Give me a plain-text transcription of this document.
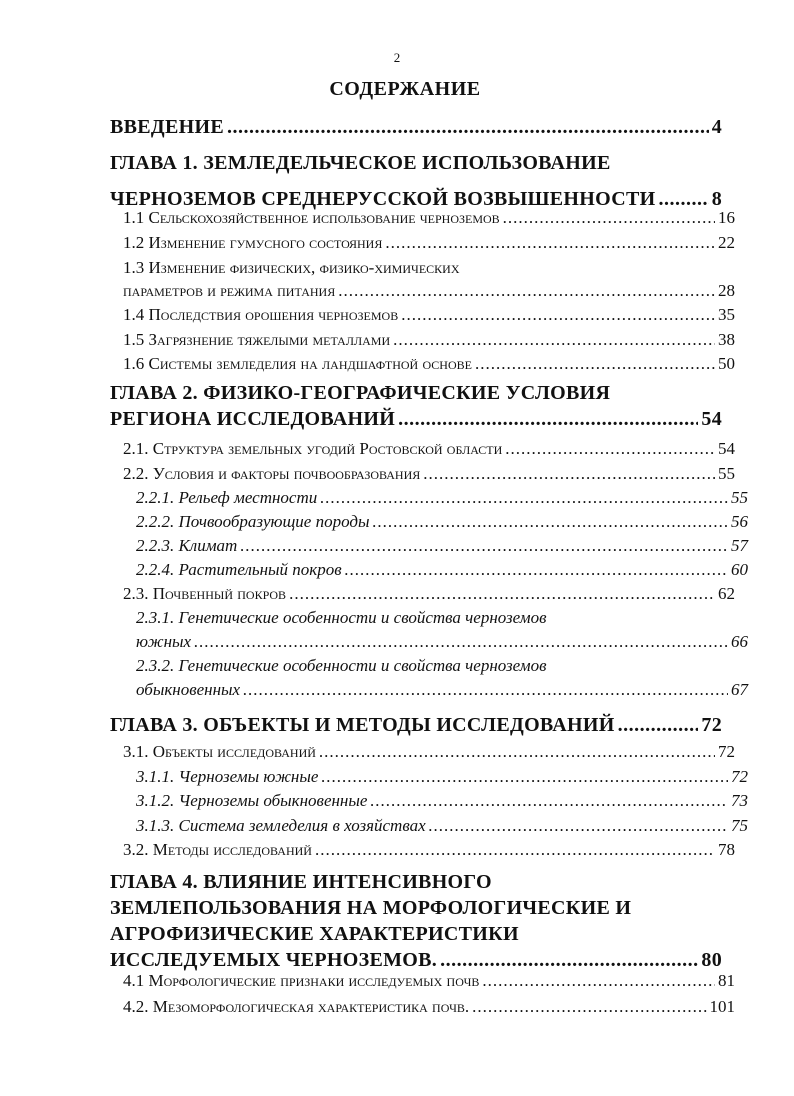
2
СОДЕРЖАНИЕ
ВВЕДЕНИЕ .....	4
ГЛАВА 1. ЗЕМЛЕДЕЛЬЧЕСКОЕ ИСПОЛЬЗОВАНИЕ
ЧЕРНОЗЕМОВ СРЕДНЕРУССКОЙ ВОЗВЫШЕННОСТИ .....	8
1.1 Сельскохозяйственное использование черноземов .....	16
1.2 Изменение гумусного состояния .....	22
1.3 Изменение физических, физико-химических
параметров и режима питания .....	28
1.4 Последствия орошения черноземов .....	35
1.5 Загрязнение тяжелыми металлами .....	38
1.6 Системы земледелия на ландшафтной основе .....	50
ГЛАВА 2. ФИЗИКО-ГЕОГРАФИЧЕСКИЕ УСЛОВИЯ
РЕГИОНА ИССЛЕДОВАНИЙ .....	54
2.1. Структура земельных угодий Ростовской области .....	54
2.2. Условия и факторы почвообразования .....	55
2.2.1. Рельеф местности .....	55
2.2.2. Почвообразующие породы .....	56
2.2.3. Климат .....	57
2.2.4. Растительный покров .....	60
2.3. Почвенный покров .....	62
2.3.1. Генетические особенности и свойства черноземов
южных .....	66
2.3.2. Генетические особенности и свойства черноземов
обыкновенных .....	67
ГЛАВА 3. ОБЪЕКТЫ И МЕТОДЫ ИССЛЕДОВАНИЙ .....	72
3.1. Объекты исследований .....	72
3.1.1. Черноземы южные .....	72
3.1.2. Черноземы обыкновенные .....	73
3.1.3. Система земледелия в хозяйствах .....	75
3.2. Методы исследований .....	78
ГЛАВА 4. ВЛИЯНИЕ ИНТЕНСИВНОГО
ЗЕМЛЕПОЛЬЗОВАНИЯ НА МОРФОЛОГИЧЕСКИЕ И
АГРОФИЗИЧЕСКИЕ ХАРАКТЕРИСТИКИ
ИССЛЕДУЕМЫХ ЧЕРНОЗЕМОВ. .....	80
4.1 Морфологические признаки исследуемых почв .....	81
4.2. Мезоморфологическая характеристика почв. .....	101
